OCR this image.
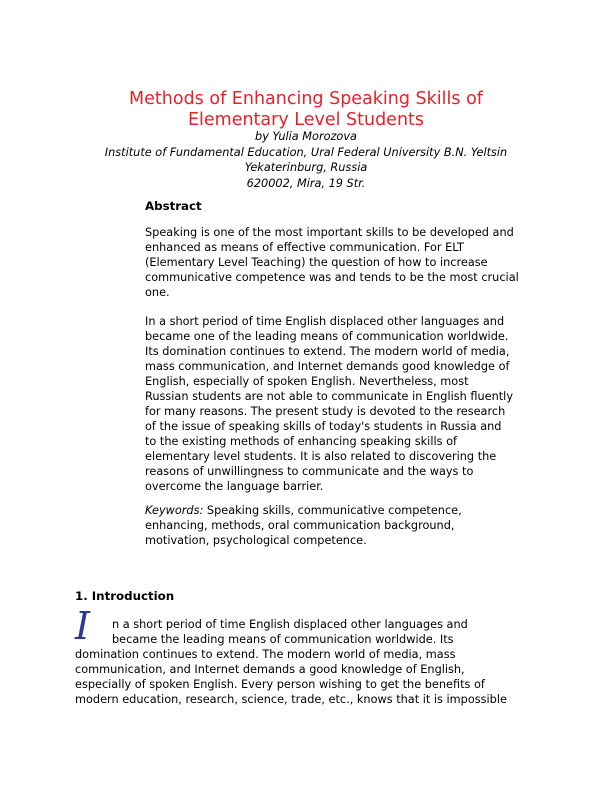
Methods of Enhancing Speaking Skills of
Elementary Level Students
by Yulia Morozova
Institute of Fundamental Education, Ural Federal University B.N. Yeltsin
Yekaterinburg, Russia
620002, Mira, 19 Str.
Abstract
Speaking is one of the most important skills to be developed and
enhanced as means of effective communication. For ELT
(Elementary Level Teaching) the question of how to increase
communicative competence was and tends to be the most crucial
one.
In a short period of time English displaced other languages and
became one of the leading means of communication worldwide.
Its domination continues to extend. The modern world of media,
mass communication, and Internet demands good knowledge of
English, especially of spoken English. Nevertheless, most
Russian students are not able to communicate in English fluently
for many reasons. The present study is devoted to the research
of the issue of speaking skills of today's students in Russia and
to the existing methods of enhancing speaking skills of
elementary level students. It is also related to discovering the
reasons of unwillingness to communicate and the ways to
overcome the language barrier.
Keywords: Speaking skills, communicative competence,
enhancing, methods, oral communication background,
motivation, psychological competence.
1. Introduction
I	n a short period of time English displaced other languages and
became the leading means of communication worldwide. Its
domination continues to extend. The modern world of media, mass
communication, and Internet demands a good knowledge of English,
especially of spoken English. Every person wishing to get the benefits of
modern education, research, science, trade, etc., knows that it is impossible
